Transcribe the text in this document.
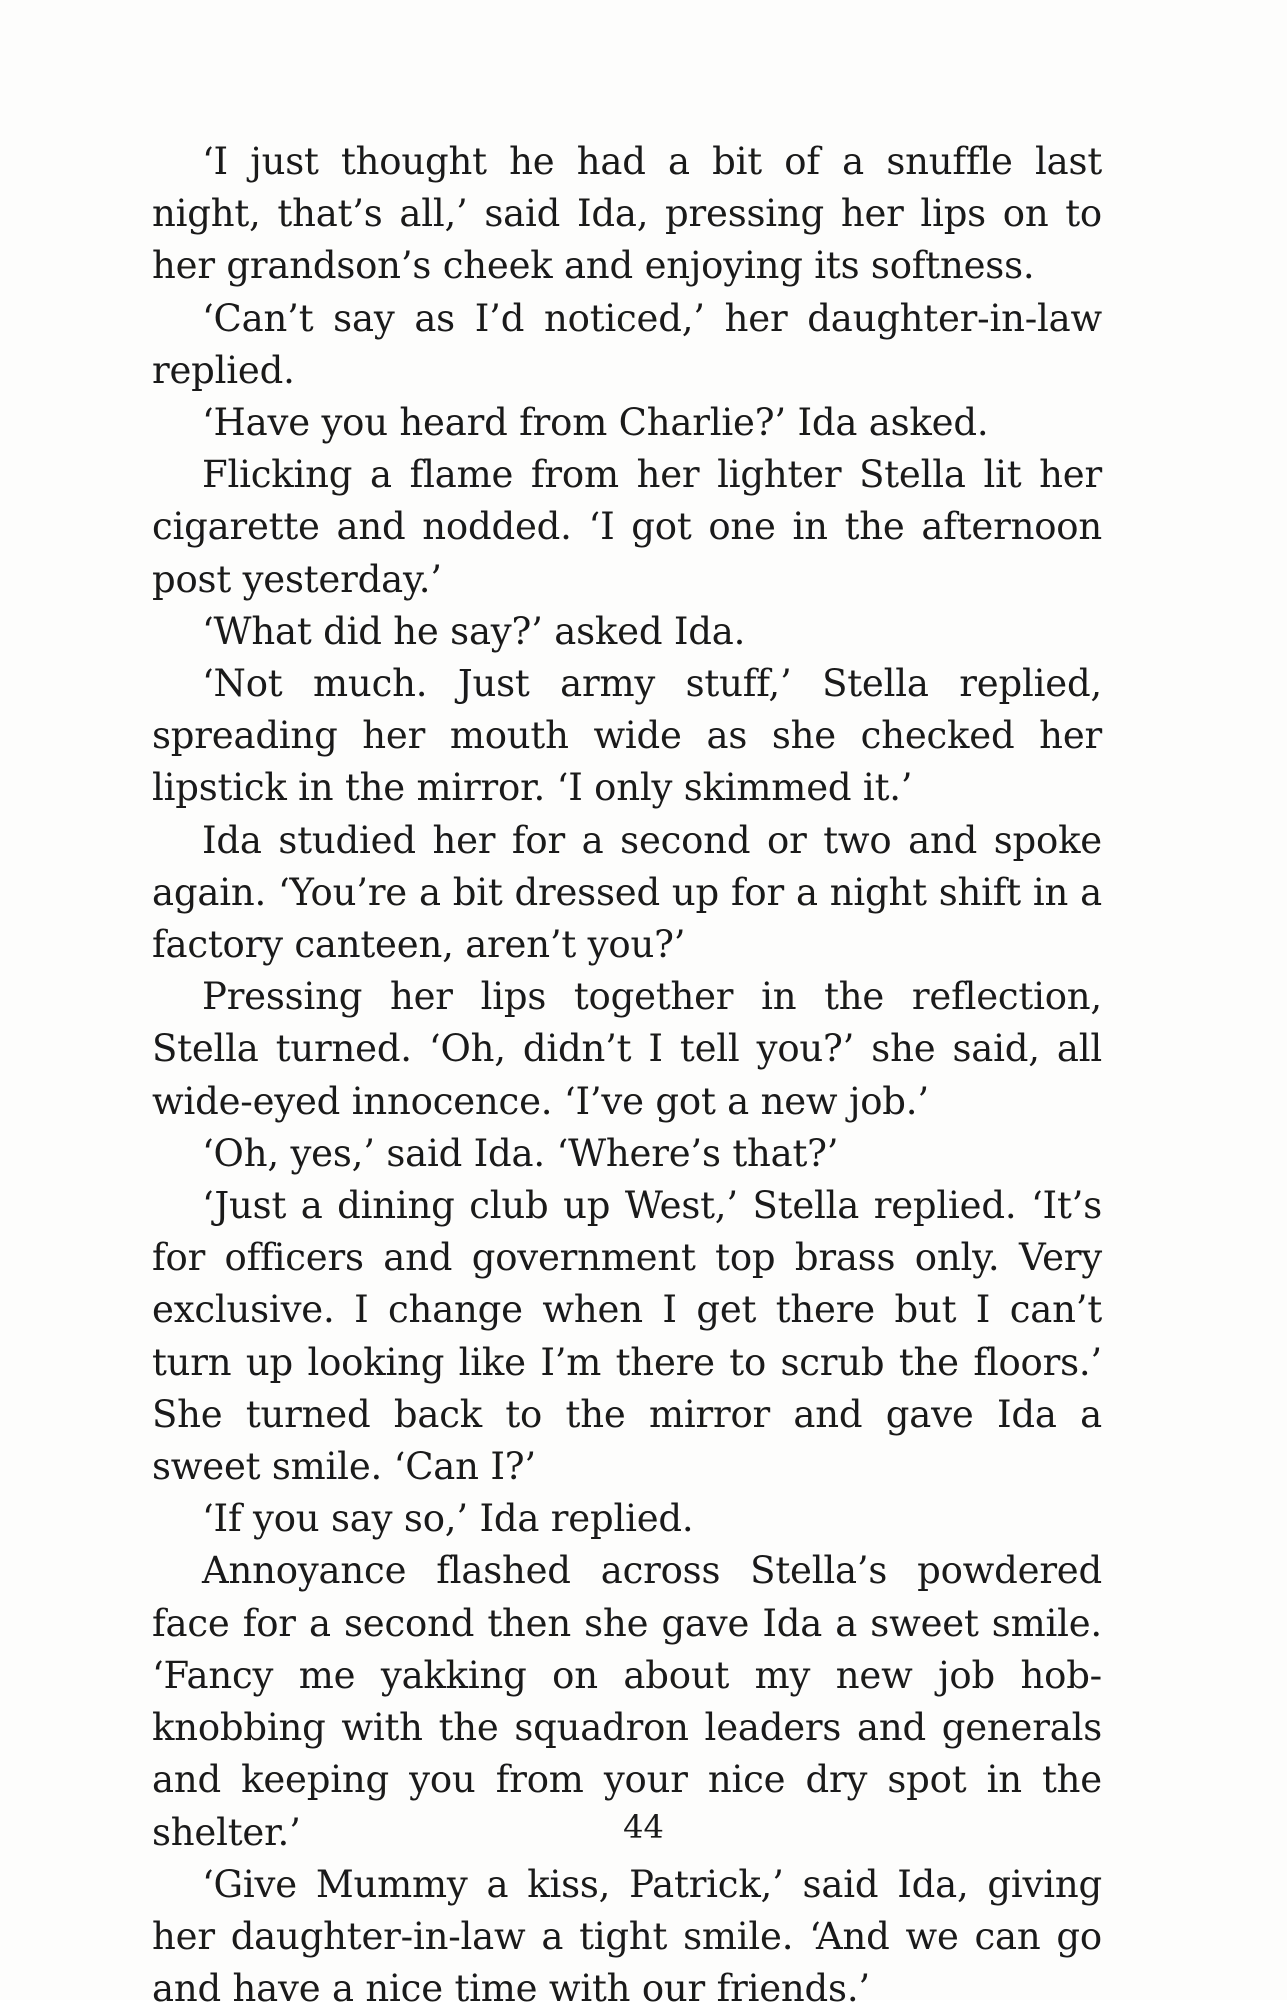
‘I just thought he had a bit of a snuffle last night, that’s all,’ said Ida, pressing her lips on to her grandson’s cheek and enjoying its softness.

‘Can’t say as I’d noticed,’ her daughter-in-law replied.

‘Have you heard from Charlie?’ Ida asked.

Flicking a flame from her lighter Stella lit her cigarette and nodded. ‘I got one in the afternoon post yesterday.’

‘What did he say?’ asked Ida.

‘Not much. Just army stuff,’ Stella replied, spreading her mouth wide as she checked her lipstick in the mirror. ‘I only skimmed it.’

Ida studied her for a second or two and spoke again. ‘You’re a bit dressed up for a night shift in a factory canteen, aren’t you?’

Pressing her lips together in the reflection, Stella turned. ‘Oh, didn’t I tell you?’ she said, all wide-eyed innocence. ‘I’ve got a new job.’

‘Oh, yes,’ said Ida. ‘Where’s that?’

‘Just a dining club up West,’ Stella replied. ‘It’s for officers and government top brass only. Very exclusive. I change when I get there but I can’t turn up looking like I’m there to scrub the floors.’ She turned back to the mirror and gave Ida a sweet smile. ‘Can I?’

‘If you say so,’ Ida replied.

Annoyance flashed across Stella’s powdered face for a second then she gave Ida a sweet smile. ‘Fancy me yakking on about my new job hob-knobbing with the squadron leaders and generals and keeping you from your nice dry spot in the shelter.’

‘Give Mummy a kiss, Patrick,’ said Ida, giving her daughter-in-law a tight smile. ‘And we can go and have a nice time with our friends.’

44
